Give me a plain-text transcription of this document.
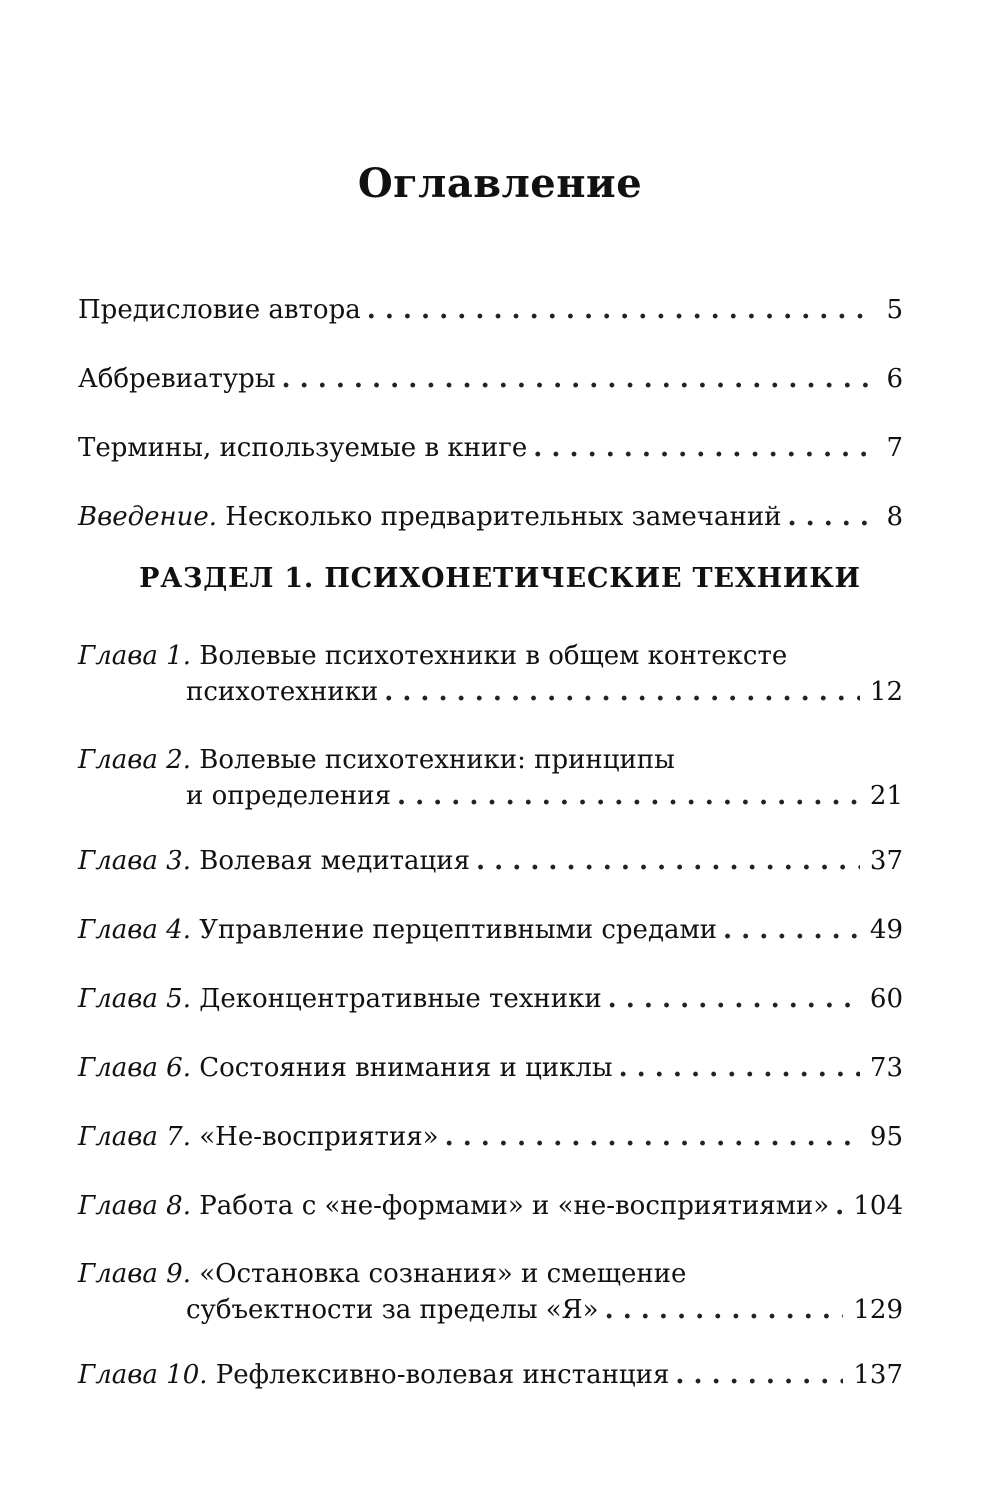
Оглавление
Предисловие автора . . .	5
Аббревиатуры . . .	6
Термины, используемые в книге . . .	7
Введение. Несколько предварительных замечаний . . .	8
РАЗДЕЛ 1. ПСИХОНЕТИЧЕСКИЕ ТЕХНИКИ
Глава 1. Волевые психотехники в общем контексте
психотехники . . .	12
Глава 2. Волевые психотехники: принципы
и определения . . .	21
Глава 3. Волевая медитация . . .	37
Глава 4. Управление перцептивными средами . . .	49
Глава 5. Деконцентративные техники . . .	60
Глава 6. Состояния внимания и циклы . . .	73
Глава 7. «Не-восприятия» . . .	95
Глава 8. Работа с «не-формами» и «не-восприятиями» . . . 104
Глава 9. «Остановка сознания» и смещение
субъектности за пределы «Я» . . .	129
Глава 10. Рефлексивно-волевая инстанция . . .	137
